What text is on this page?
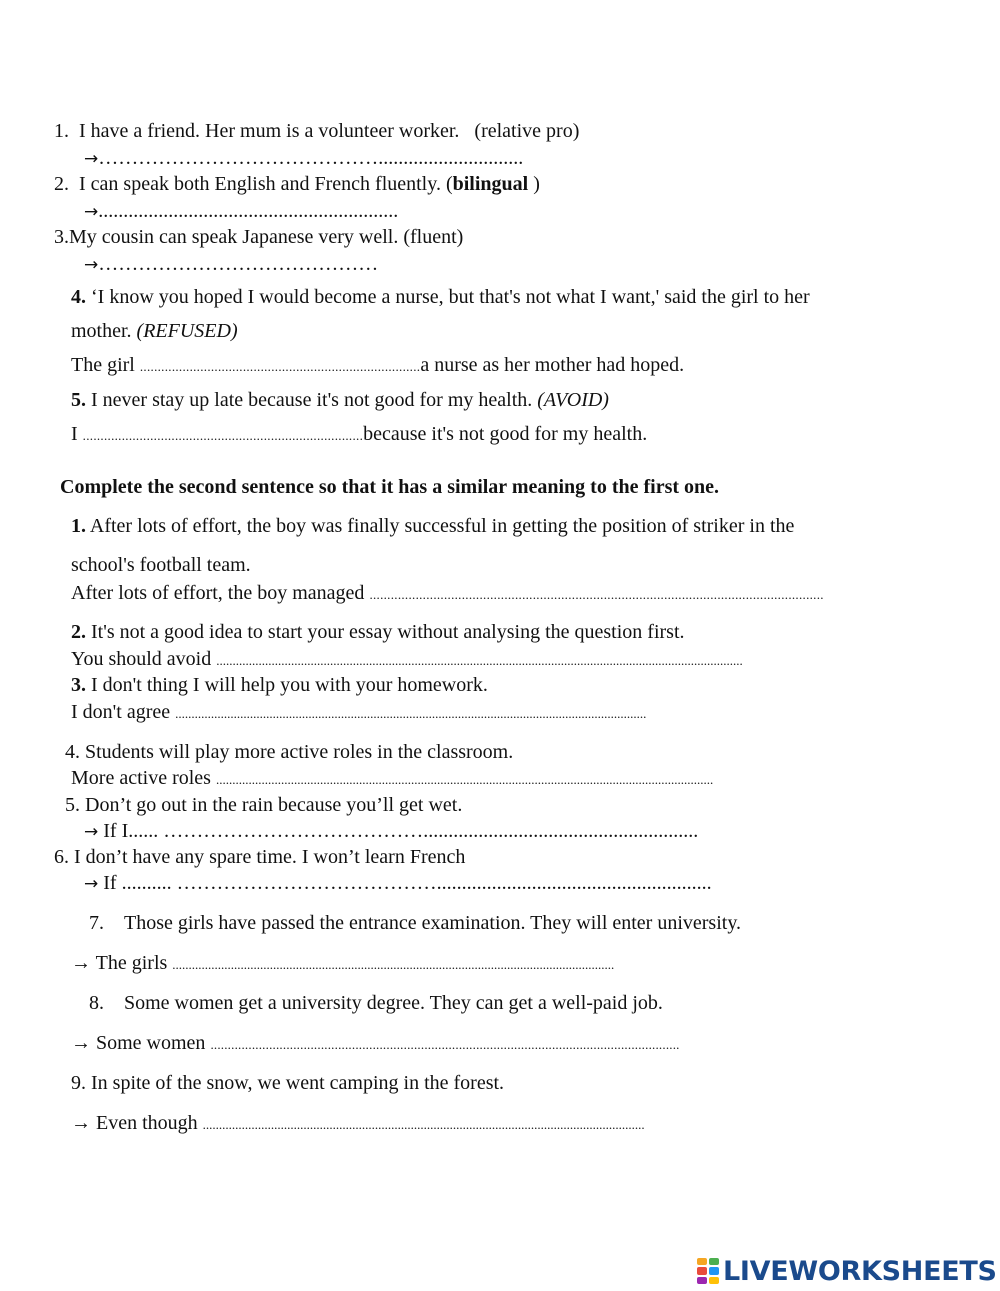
1. I have a friend. Her mum is a volunteer worker. (relative pro)
→…………………………………….............................
2. I can speak both English and French fluently. (bilingual )
→............................................................
3.My cousin can speak Japanese very well. (fluent)
→……………………………………
4. ‘I know you hoped I would become a nurse, but that's not what I want,' said the girl to her
mother. (REFUSED)
The girl ...............................................................................a nurse as her mother had hoped.
5. I never stay up late because it's not good for my health. (AVOID)
I ...............................................................................because it's not good for my health.
Complete the second sentence so that it has a similar meaning to the first one.
1. After lots of effort, the boy was finally successful in getting the position of striker in the
school's football team.
After lots of effort, the boy managed ................................................................................................................................
2. It's not a good idea to start your essay without analysing the question first.
You should avoid ..................................................................................................................................................................
3. I don't thing I will help you with your homework.
I don't agree .................................................................................................................................................
4. Students will play more active roles in the classroom.
More active roles .........................................................................................................................................................
5. Don’t go out in the rain because you’ll get wet.
→ If I...... ………………………………….......................................................
6. I don’t have any spare time. I won’t learn French
→ If .......... ………………………………….......................................................
7. Those girls have passed the entrance examination. They will enter university.
→ The girls ........................................................................................................................................
8. Some women get a university degree. They can get a well-paid job.
→ Some women ........................................................................................................................................
9. In spite of the snow, we went camping in the forest.
→ Even though ........................................................................................................................................
LIVEWORKSHEETS
